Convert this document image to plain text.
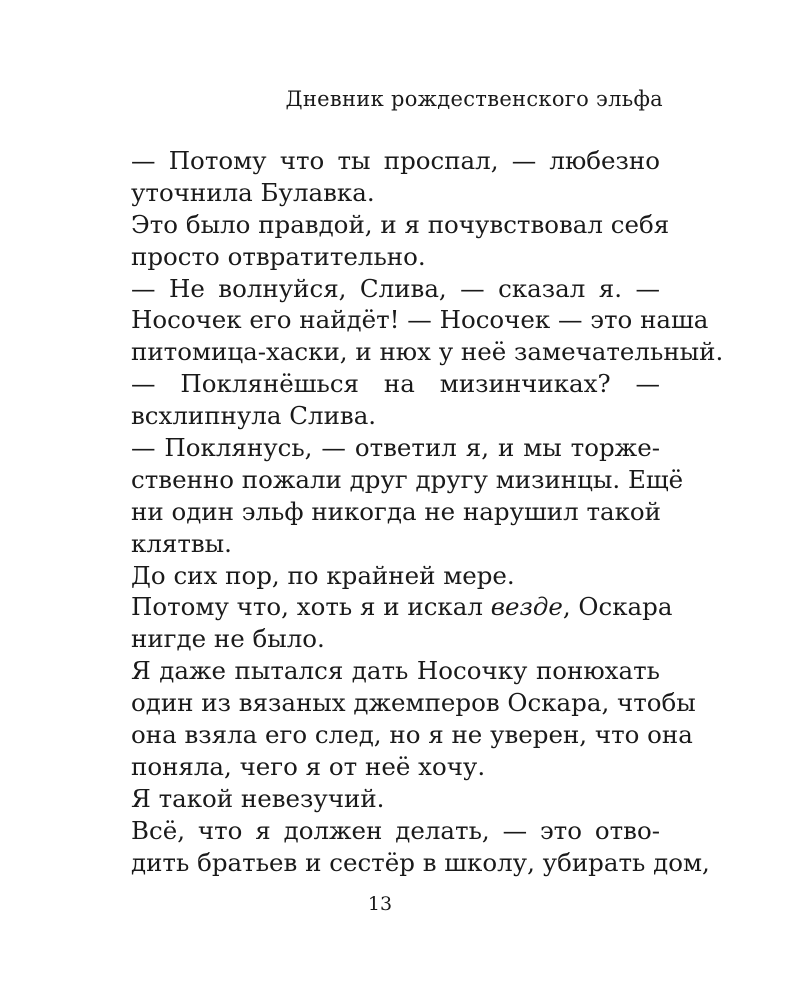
Дневник рождественского эльфа
— Потому что ты проспал, — любезно
уточнила Булавка.
Это было правдой, и я почувствовал себя
просто отвратительно.
— Не волнуйся, Слива, — сказал я. —
Носочек его найдёт! — Носочек — это наша
питомица-хаски, и нюх у неё замечательный.
— Поклянёшься на мизинчиках? —
всхлипнула Слива.
— Поклянусь, — ответил я, и мы торже-
ственно пожали друг другу мизинцы. Ещё
ни один эльф никогда не нарушил такой
клятвы.
До сих пор, по крайней мере.
Потому что, хоть я и искал везде, Оскара
нигде не было.
Я даже пытался дать Носочку понюхать
один из вязаных джемперов Оскара, чтобы
она взяла его след, но я не уверен, что она
поняла, чего я от неё хочу.
Я такой невезучий.
Всё, что я должен делать, — это отво-
дить братьев и сестёр в школу, убирать дом,
13
